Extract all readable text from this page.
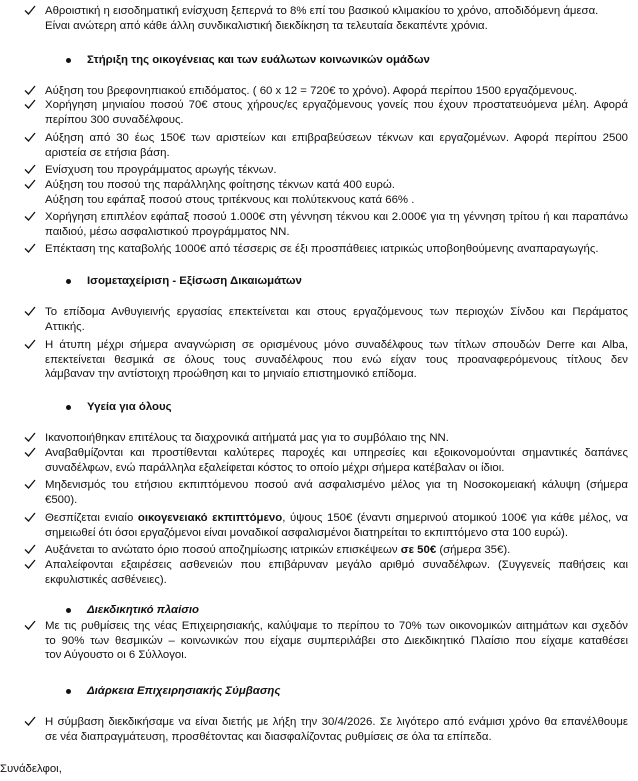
Αθροιστική η εισοδηματική ενίσχυση ξεπερνά το 8% επί του βασικού κλιμακίου το χρόνο, αποδιδόμενη άμεσα.
Είναι ανώτερη από κάθε άλλη συνδικαλιστική διεκδίκηση τα τελευταία δεκαπέντε χρόνια.
Στήριξη της οικογένειας και των ευάλωτων κοινωνικών ομάδων
Αύξηση του βρεφονηπιακού επιδόματος. ( 60 x 12 = 720€ το χρόνο). Αφορά περίπου 1500 εργαζόμενους.
Χορήγηση μηνιαίου ποσού 70€ στους χήρους/ες εργαζόμενους γονείς που έχουν προστατευόμενα μέλη. Αφορά
περίπου 300 συναδέλφους.
Αύξηση από 30 έως 150€ των αριστείων και επιβραβεύσεων τέκνων και εργαζομένων. Αφορά περίπου 2500
αριστεία σε ετήσια βάση.
Ενίσχυση του προγράμματος αρωγής τέκνων.
Αύξηση του ποσού της παράλληλης φοίτησης τέκνων κατά 400 ευρώ.
Αύξηση του εφάπαξ ποσού στους τριτέκνους και πολύτεκνους κατά 66% .
Χορήγηση επιπλέον εφάπαξ ποσού 1.000€ στη γέννηση τέκνου και 2.000€ για τη γέννηση τρίτου ή και παραπάνω
παιδιού, μέσω ασφαλιστικού προγράμματος ΝΝ.
Επέκταση της καταβολής 1000€ από τέσσερις σε έξι προσπάθειες ιατρικώς υποβοηθούμενης αναπαραγωγής.
Ισομεταχείριση - Εξίσωση Δικαιωμάτων
Το επίδομα Ανθυγιεινής εργασίας επεκτείνεται και στους εργαζόμενους των περιοχών Σίνδου και Περάματος
Αττικής.
Η άτυπη μέχρι σήμερα αναγνώριση σε ορισμένους μόνο συναδέλφους των τίτλων σπουδών Derre και Alba,
επεκτείνεται θεσμικά σε όλους τους συναδέλφους που ενώ είχαν τους προαναφερόμενους τίτλους δεν
λάμβαναν την αντίστοιχη προώθηση και το μηνιαίο επιστημονικό επίδομα.
Υγεία για όλους
Ικανοποιήθηκαν επιτέλους τα διαχρονικά αιτήματά μας για το συμβόλαιο της ΝΝ.
Αναβαθμίζονται και προστίθενται καλύτερες παροχές και υπηρεσίες και εξοικονομούνται σημαντικές δαπάνες
συναδέλφων, ενώ παράλληλα εξαλείφεται κόστος το οποίο μέχρι σήμερα κατέβαλαν οι ίδιοι.
Μηδενισμός του ετήσιου εκπιπτόμενου ποσού ανά ασφαλισμένο μέλος για τη Νοσοκομειακή κάλυψη (σήμερα
€500).
Θεσπίζεται ενιαίο οικογενειακό εκπιπτόμενο, ύψους 150€ (έναντι σημερινού ατομικού 100€ για κάθε μέλος, να
σημειωθεί ότι όσοι εργαζόμενοι είναι μοναδικοί ασφαλισμένοι διατηρείται το εκπιπτόμενο στα 100 ευρώ).
Αυξάνεται το ανώτατο όριο ποσού αποζημίωσης ιατρικών επισκέψεων σε 50€ (σήμερα 35€).
Απαλείφονται εξαιρέσεις ασθενειών που επιβάρυναν μεγάλο αριθμό συναδέλφων. (Συγγενείς παθήσεις και
εκφυλιστικές ασθένειες).
Διεκδικητικό πλαίσιο
Με τις ρυθμίσεις της νέας Επιχειρησιακής, καλύψαμε το περίπου το 70% των οικονομικών αιτημάτων και σχεδόν
το 90% των θεσμικών – κοινωνικών που είχαμε συμπεριλάβει στο Διεκδικητικό Πλαίσιο που είχαμε καταθέσει
τον Αύγουστο οι 6 Σύλλογοι.
Διάρκεια Επιχειρησιακής Σύμβασης
Η σύμβαση διεκδικήσαμε να είναι διετής με λήξη την 30/4/2026. Σε λιγότερο από ενάμισι χρόνο θα επανέλθουμε
σε νέα διαπραγμάτευση, προσθέτοντας και διασφαλίζοντας ρυθμίσεις σε όλα τα επίπεδα.
Συνάδελφοι,
